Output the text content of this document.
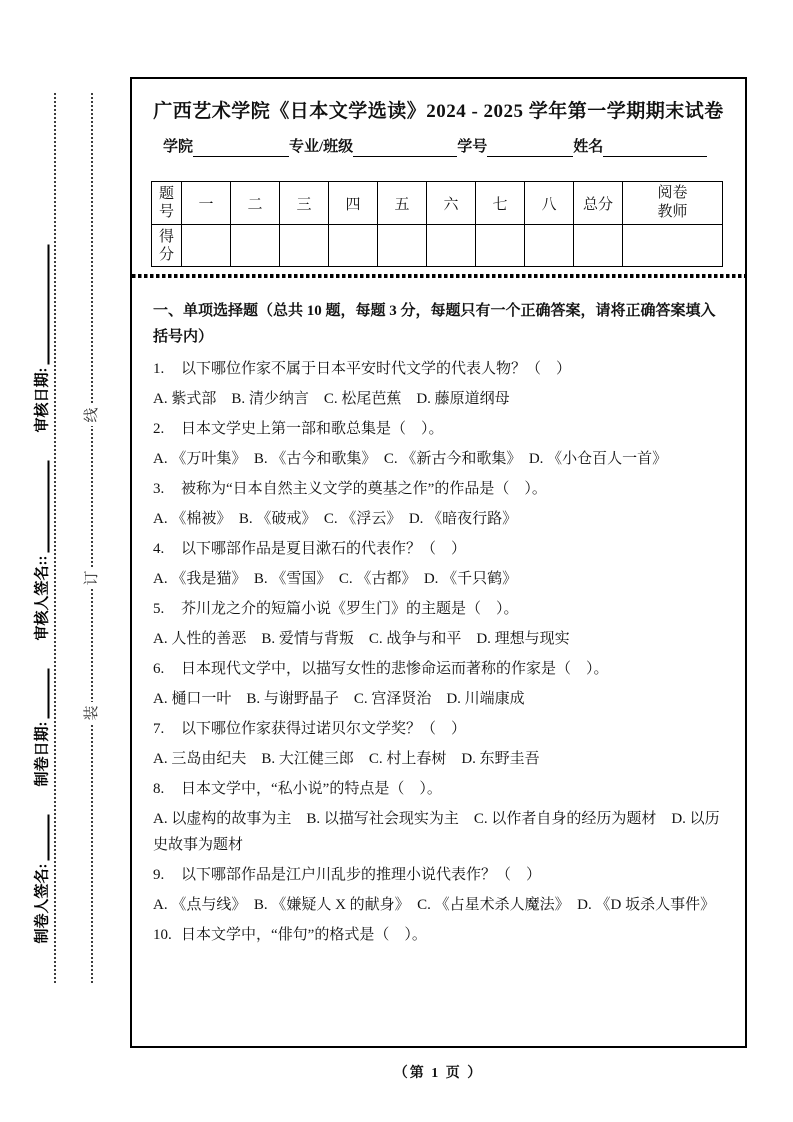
线
订
装
制卷人签名:
制卷日期:
审核人签名::
审核日期:
广西艺术学院《日本文学选读》2024 - 2025 学年第一学期期末试卷
学院	专业/班级	学号	姓名
题号	一	二	三	四	五	六	七	八	总分	阅卷教师
得分										

一、单项选择题（总共 10 题，每题 3 分，每题只有一个正确答案，请将正确答案填入括号内）

1. 以下哪位作家不属于日本平安时代文学的代表人物？（　）

A. 紫式部　B. 清少纳言　C. 松尾芭蕉　D. 藤原道纲母

2. 日本文学史上第一部和歌总集是（　）。

A. 《万叶集》　B. 《古今和歌集》　C. 《新古今和歌集》　D. 《小仓百人一首》

3. 被称为“日本自然主义文学的奠基之作”的作品是（　）。

A. 《棉被》　B. 《破戒》　C. 《浮云》　D. 《暗夜行路》

4. 以下哪部作品是夏目漱石的代表作？（　）

A. 《我是猫》　B. 《雪国》　C. 《古都》　D. 《千只鹤》

5. 芥川龙之介的短篇小说《罗生门》的主题是（　）。

A. 人性的善恶　B. 爱情与背叛　C. 战争与和平　D. 理想与现实

6. 日本现代文学中，以描写女性的悲惨命运而著称的作家是（　）。

A. 樋口一叶　B. 与谢野晶子　C. 宫泽贤治　D. 川端康成

7. 以下哪位作家获得过诺贝尔文学奖？（　）

A. 三岛由纪夫　B. 大江健三郎　C. 村上春树　D. 东野圭吾

8. 日本文学中，“私小说”的特点是（　）。

A. 以虚构的故事为主　B. 以描写社会现实为主　C. 以作者自身的经历为题材　D. 以历史故事为题材

9. 以下哪部作品是江户川乱步的推理小说代表作？（　）

A. 《点与线》　B. 《嫌疑人 X 的献身》　C. 《占星术杀人魔法》　D. 《D 坂杀人事件》

10. 日本文学中，“俳句”的格式是（　）。

（第 1 页 ）
